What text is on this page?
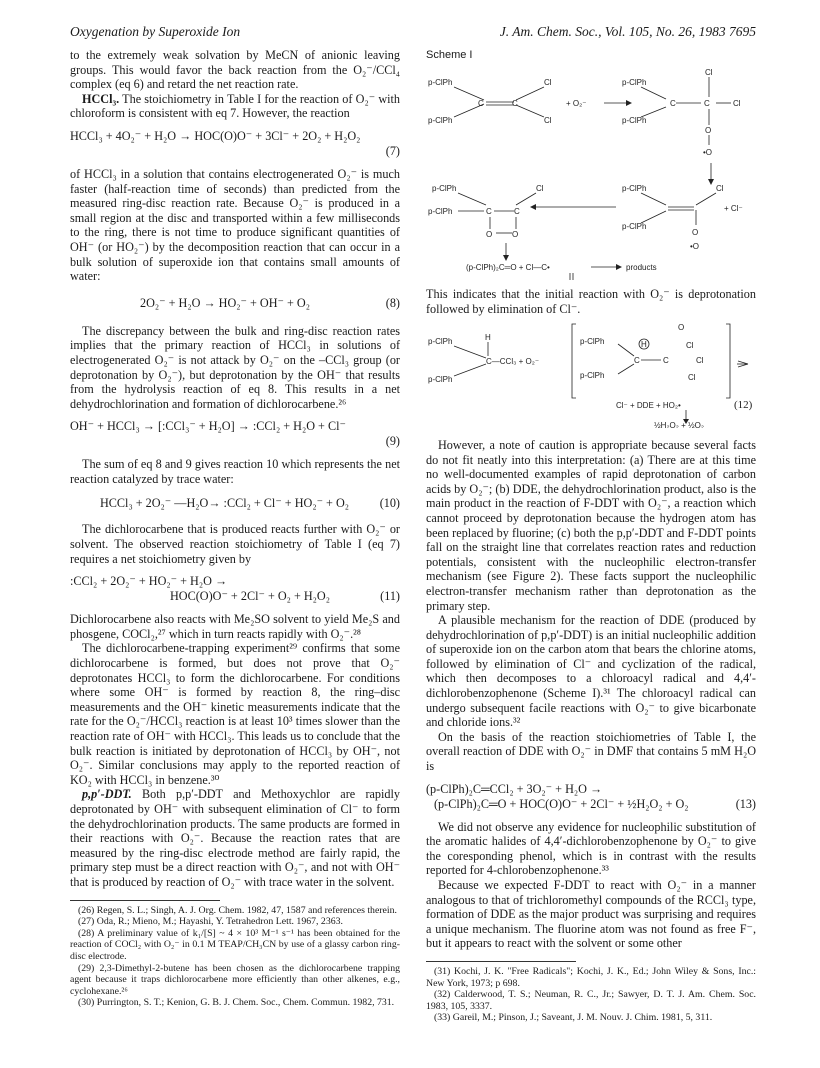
Oxygenation by Superoxide Ion	J. Am. Chem. Soc., Vol. 105, No. 26, 1983 7695

to the extremely weak solvation by MeCN of anionic leaving groups. This would favor the back reaction from the O₂⁻/CCl₄ complex (eq 6) and retard the net reaction rate.

HCCl₃. The stoichiometry in Table I for the reaction of O₂⁻ with chloroform is consistent with eq 7. However, the reaction

HCCl₃ + 4O₂⁻ + H₂O → HOC(O)O⁻ + 3Cl⁻ + 2O₂ + H₂O₂
(7)

of HCCl₃ in a solution that contains electrogenerated O₂⁻ is much faster (half-reaction time of seconds) than predicted from the measured ring-disc reaction rate. Because O₂⁻ is produced in a small region at the disc and transported within a few milliseconds to the ring, there is not time to produce significant quantities of OH⁻ (or HO₂⁻) by the decomposition reaction that can occur in a bulk solution of superoxide ion that contains small amounts of water:

2O₂⁻ + H₂O → HO₂⁻ + OH⁻ + O₂	(8)

The discrepancy between the bulk and ring-disc reaction rates implies that the primary reaction of HCCl₃ in solutions of electrogenerated O₂⁻ is not attack by O₂⁻ on the –CCl₃ group (or deprotonation by O₂⁻), but deprotonation by the OH⁻ that results from the hydrolysis reaction of eq 8. This results in a net dehydrochlorination and formation of dichlorocarbene.²⁶

OH⁻ + HCCl₃ → [:CCl₃⁻ + H₂O] → :CCl₂ + H₂O + Cl⁻
(9)

The sum of eq 8 and 9 gives reaction 10 which represents the net reaction catalyzed by trace water:

HCCl₃ + 2O₂⁻ —H₂O→ :CCl₂ + Cl⁻ + HO₂⁻ + O₂	(10)

The dichlorocarbene that is produced reacts further with O₂⁻ or solvent. The observed reaction stoichiometry of Table I (eq 7) requires a net stoichiometry given by

:CCl₂ + 2O₂⁻ + HO₂⁻ + H₂O →
HOC(O)O⁻ + 2Cl⁻ + O₂ + H₂O₂	(11)

Dichlorocarbene also reacts with Me₂SO solvent to yield Me₂S and phosgene, COCl₂,²⁷ which in turn reacts rapidly with O₂⁻.²⁸

The dichlorocarbene-trapping experiment²⁹ confirms that some dichlorocarbene is formed, but does not prove that O₂⁻ deprotonates HCCl₃ to form the dichlorocarbene. For conditions where some OH⁻ is formed by reaction 8, the ring–disc measurements and the OH⁻ kinetic measurements indicate that the rate for the O₂⁻/HCCl₃ reaction is at least 10³ times slower than the reaction rate of OH⁻ with HCCl₃. This leads us to conclude that the bulk reaction is initiated by deprotonation of HCCl₃ by OH⁻, not O₂⁻. Similar conclusions may apply to the reported reaction of KO₂ with HCCl₃ in benzene.³⁰

p,p′-DDT. Both p,p′-DDT and Methoxychlor are rapidly deprotonated by OH⁻ with subsequent elimination of Cl⁻ to form the dehydrochlorination products. The same products are formed in their reactions with O₂⁻. Because the reaction rates that are measured by the ring-disc electrode method are fairly rapid, the primary step must be a direct reaction with O₂⁻, and not with OH⁻ that is produced by reaction of O₂⁻ with trace water in the solvent.

(26) Regen, S. L.; Singh, A. J. Org. Chem. 1982, 47, 1587 and references therein.

(27) Oda, R.; Mieno, M.; Hayashi, Y. Tetrahedron Lett. 1967, 2363.

(28) A preliminary value of k₁/[S] ~ 4 × 10³ M⁻¹ s⁻¹ has been obtained for the reaction of COCl₂ with O₂⁻ in 0.1 M TEAP/CH₃CN by use of a glassy carbon ring-disc electrode.

(29) 2,3-Dimethyl-2-butene has been chosen as the dichlorocarbene trapping agent because it traps dichlorocarbene more efficiently than other alkenes, e.g., cyclohexane.²⁶

(30) Purrington, S. T.; Kenion, G. B. J. Chem. Soc., Chem. Commun. 1982, 731.

Scheme I
p-ClPh
p-ClPh
C	C
Cl
Cl
+ O₂⁻
p-ClPh
p-ClPh
C	C
Cl
Cl
O
•O
p-ClPh
p-ClPh
Cl
+ Cl⁻
O
•O
p-ClPh
p-ClPh	C	C
Cl
O O
(p-ClPh)₂C═O + Cl—C•	products

This indicates that the initial reaction with O₂⁻ is deprotonation followed by elimination of Cl⁻.

p-ClPh
p-ClPh
H
C—CCl₃ + O₂⁻
p-ClPh
p-ClPh
H
C	C
O
Cl
Cl
Cl
Cl⁻ + DDE + HO₂•	(12)
½H₂O₂ + ½O₂

However, a note of caution is appropriate because several facts do not fit neatly into this interpretation: (a) There are at this time no well-documented examples of rapid deprotonation of carbon acids by O₂⁻; (b) DDE, the dehydrochlorination product, also is the main product in the reaction of F-DDT with O₂⁻, a reaction which cannot proceed by deprotonation because the hydrogen atom has been replaced by fluorine; (c) both the p,p′-DDT and F-DDT points fall on the straight line that correlates reaction rates and reduction potentials, consistent with the nucleophilic electron-transfer mechanism (see Figure 2). These facts support the nucleophilic electron-transfer mechanism rather than deprotonation as the primary step.

A plausible mechanism for the reaction of DDE (produced by dehydrochlorination of p,p′-DDT) is an initial nucleophilic addition of superoxide ion on the carbon atom that bears the chlorine atoms, followed by elimination of Cl⁻ and cyclization of the radical, which then decomposes to a chloroacyl radical and 4,4′-dichlorobenzophenone (Scheme I).³¹ The chloroacyl radical can undergo subsequent facile reactions with O₂⁻ to give bicarbonate and chloride ions.³²

On the basis of the reaction stoichiometries of Table I, the overall reaction of DDE with O₂⁻ in DMF that contains 5 mM H₂O is

(p-ClPh)₂C═CCl₂ + 3O₂⁻ + H₂O →
(p-ClPh)₂C═O + HOC(O)O⁻ + 2Cl⁻ + ½H₂O₂ + O₂	(13)

We did not observe any evidence for nucleophilic substitution of the aromatic halides of 4,4′-dichlorobenzophenone by O₂⁻ to give the coresponding phenol, which is in contrast with the results reported for 4-chlorobenzophenone.³³

Because we expected F-DDT to react with O₂⁻ in a manner analogous to that of trichloromethyl compounds of the RCCl₃ type, formation of DDE as the major product was surprising and requires a unique mechanism. The fluorine atom was not found as free F⁻, but it appears to react with the solvent or some other

(31) Kochi, J. K. "Free Radicals"; Kochi, J. K., Ed.; John Wiley & Sons, Inc.: New York, 1973; p 698.

(32) Calderwood, T. S.; Neuman, R. C., Jr.; Sawyer, D. T. J. Am. Chem. Soc. 1983, 105, 3337.

(33) Gareil, M.; Pinson, J.; Saveant, J. M. Nouv. J. Chim. 1981, 5, 311.
